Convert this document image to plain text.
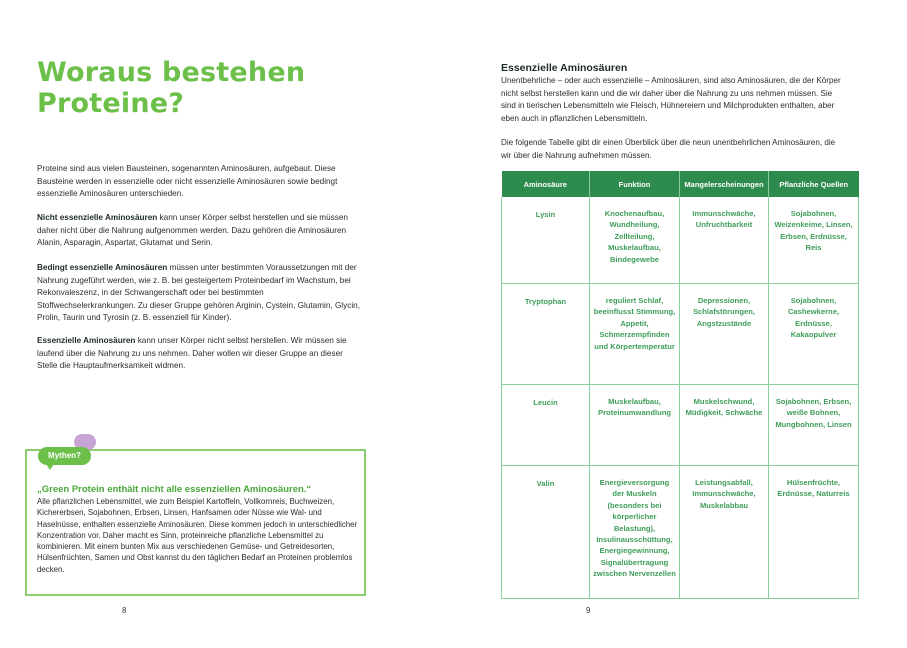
Woraus bestehen
Proteine?

Proteine sind aus vielen Bausteinen, sogenannten Aminosäuren, aufgebaut. Diese Bausteine werden in essenzielle oder nicht essenzielle Aminosäuren sowie bedingt essenzielle Aminosäuren unterschieden.

Nicht essenzielle Aminosäuren kann unser Körper selbst herstellen und sie müssen daher nicht über die Nahrung aufgenommen werden. Dazu gehören die Aminosäuren Alanin, Asparagin, Aspartat, Glutamat und Serin.

Bedingt essenzielle Aminosäuren müssen unter bestimmten Voraussetzungen mit der Nahrung zugeführt werden, wie z. B. bei gesteigertem Proteinbedarf im Wachstum, bei Rekonvaleszenz, in der Schwangerschaft oder bei bestimmten Stoffwechselerkrankungen. Zu dieser Gruppe gehören Arginin, Cystein, Glutamin, Glycin, Prolin, Taurin und Tyrosin (z. B. essenziell für Kinder).

Essenzielle Aminosäuren kann unser Körper nicht selbst herstellen. Wir müssen sie laufend über die Nahrung zu uns nehmen. Daher wollen wir dieser Gruppe an dieser Stelle die Hauptaufmerksamkeit widmen.

Mythen?

„Green Protein enthält nicht alle essenziellen Aminosäuren.“

Alle pflanzlichen Lebensmittel, wie zum Beispiel Kartoffeln, Vollkornreis, Buchweizen, Kichererbsen, Sojabohnen, Erbsen, Linsen, Hanfsamen oder Nüsse wie Wal- und Haselnüsse, enthalten essenzielle Aminosäuren. Diese kommen jedoch in unterschiedlicher Konzentration vor. Daher macht es Sinn, proteinreiche pflanzliche Lebensmittel zu kombinieren. Mit einem bunten Mix aus verschiedenen Gemüse- und Getreidesorten, Hülsenfrüchten, Samen und Obst kannst du den täglichen Bedarf an Proteinen problemlos decken.

8
Essenzielle Aminosäuren

Unentbehrliche – oder auch essenzielle – Aminosäuren, sind also Aminosäuren, die der Körper nicht selbst herstellen kann und die wir daher über die Nahrung zu uns nehmen müssen. Sie sind in tierischen Lebensmitteln wie Fleisch, Hühnereiern und Milchprodukten enthalten, aber eben auch in pflanzlichen Lebensmitteln.

Die folgende Tabelle gibt dir einen Überblick über die neun unentbehrlichen Aminosäuren, die wir über die Nahrung aufnehmen müssen.

Aminosäure	Funktion	Mangelerscheinungen	Pflanzliche Quellen
Lysin	Knochenaufbau, Wundheilung, Zellteilung, Muskelaufbau, Bindegewebe	Immunschwäche, Unfruchtbarkeit	Sojabohnen, Weizenkeime, Linsen, Erbsen, Erdnüsse, Reis
Tryptophan	reguliert Schlaf, beeinflusst Stimmung, Appetit, Schmerzempfinden und Körpertemperatur	Depressionen, Schlafstörungen, Angstzustände	Sojabohnen, Cashewkerne, Erdnüsse, Kakaopulver
Leucin	Muskelaufbau, Proteinumwandlung	Muskelschwund, Müdigkeit, Schwäche	Sojabohnen, Erbsen, weiße Bohnen, Mungbohnen, Linsen
Valin	Energieversorgung der Muskeln (besonders bei körperlicher Belastung), Insulinausschüttung, Energiegewinnung, Signalübertragung zwischen Nervenzellen	Leistungsabfall, Immunschwäche, Muskelabbau	Hülsenfrüchte, Erdnüsse, Naturreis
9
